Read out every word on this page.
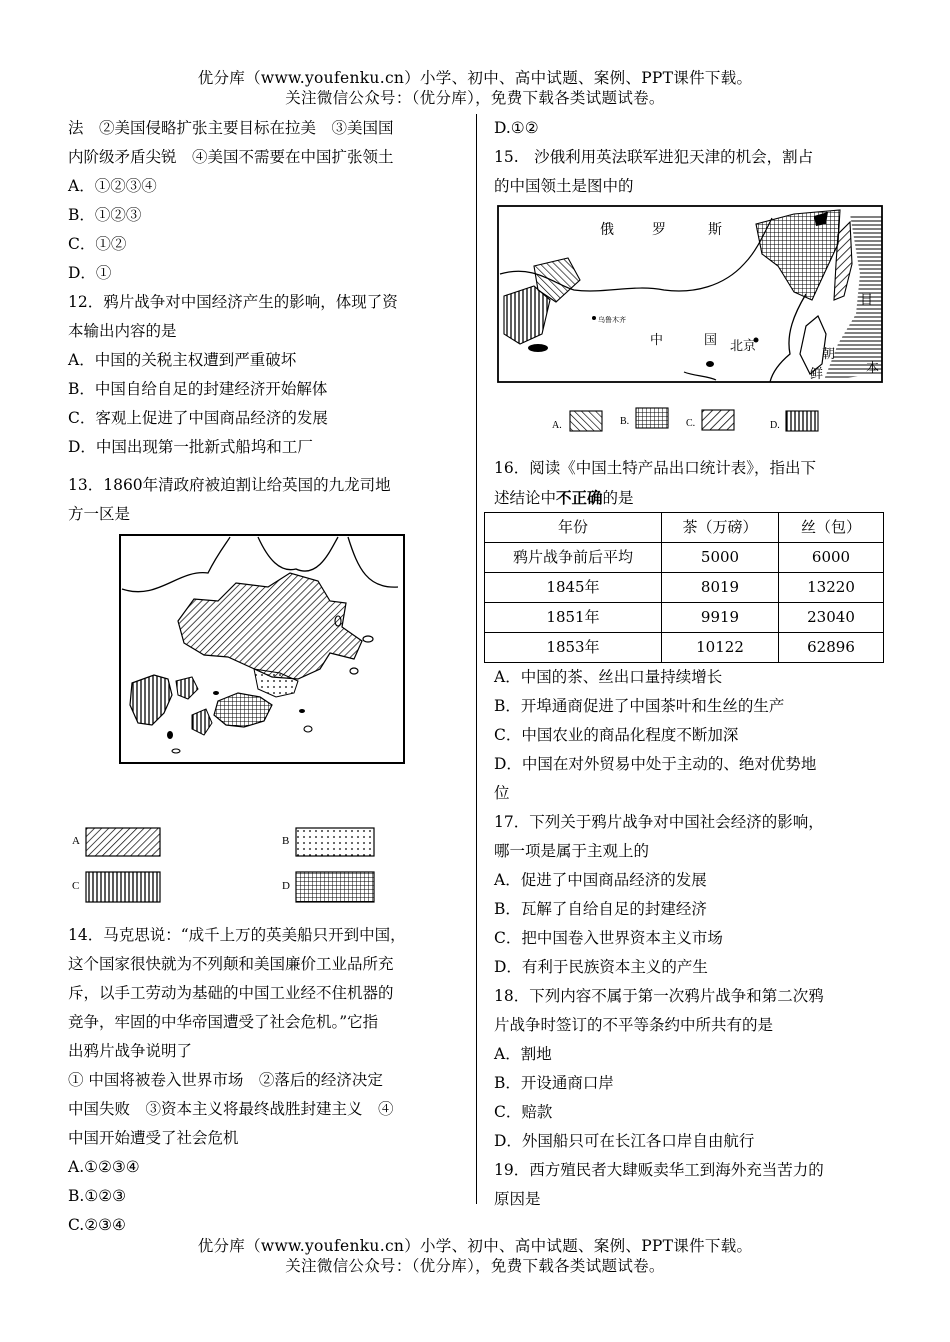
优分库（www.youfenku.cn）小学、初中、高中试题、案例、PPT课件下载。
关注微信公众号：（优分库），免费下载各类试题试卷。
法　②美国侵略扩张主要目标在拉美　③美国国
内阶级矛盾尖锐　④美国不需要在中国扩张领土
A．①②③④
B．①②③
C．①②
D．①
12．鸦片战争对中国经济产生的影响，体现了资
本输出内容的是
A．中国的关税主权遭到严重破坏
B．中国自给自足的封建经济开始解体
C．客观上促进了中国商品经济的发展
D．中国出现第一批新式船坞和工厂
13．1860年清政府被迫割让给英国的九龙司地
方一区是
A	B
C	D
14．马克思说：“成千上万的英美船只开到中国，
这个国家很快就为不列颠和美国廉价工业品所充
斥，以手工劳动为基础的中国工业经不住机器的
竞争，牢固的中华帝国遭受了社会危机。”它指
出鸦片战争说明了
① 中国将被卷入世界市场　②落后的经济决定
中国失败　③资本主义将最终战胜封建主义　④
中国开始遭受了社会危机
A.①②③④
B.①②③
C.②③④
D.①②
15.　沙俄利用英法联军进犯天津的机会，割占
的中国领土是图中的
俄	罗	斯
乌鲁木齐
中	国 北京
朝
鲜
日
本
A.	B.	C.	D.
16．阅读《中国土特产品出口统计表》，指出下
述结论中不正确的是
年份	茶（万磅）	丝（包）
鸦片战争前后平均	5000	6000
1845年	8019	13220
1851年	9919	23040
1853年	10122	62896
A．中国的茶、丝出口量持续增长
B．开埠通商促进了中国茶叶和生丝的生产
C．中国农业的商品化程度不断加深
D．中国在对外贸易中处于主动的、绝对优势地
位
17．下列关于鸦片战争对中国社会经济的影响，
哪一项是属于主观上的
A．促进了中国商品经济的发展
B．瓦解了自给自足的封建经济
C．把中国卷入世界资本主义市场
D．有利于民族资本主义的产生
18．下列内容不属于第一次鸦片战争和第二次鸦
片战争时签订的不平等条约中所共有的是
A．割地
B．开设通商口岸
C．赔款
D．外国船只可在长江各口岸自由航行
19．西方殖民者大肆贩卖华工到海外充当苦力的
原因是
优分库（www.youfenku.cn）小学、初中、高中试题、案例、PPT课件下载。
关注微信公众号：（优分库），免费下载各类试题试卷。
